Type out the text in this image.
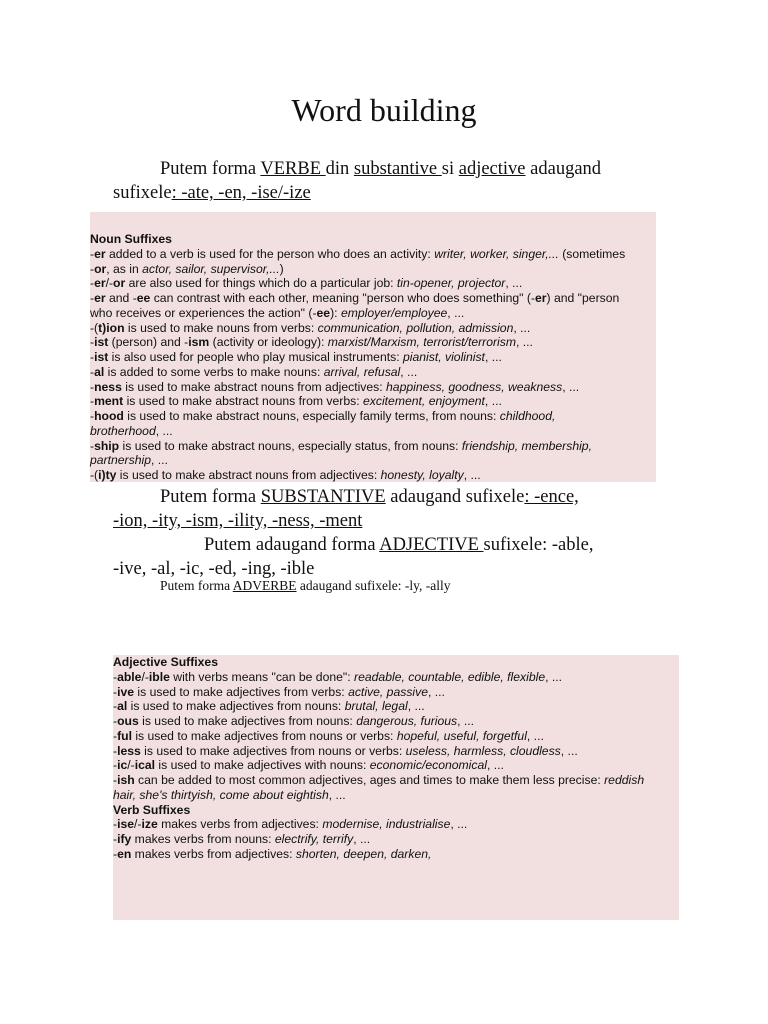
Word building
Putem forma VERBE din substantive si adjective adaugand
sufixele: -ate, -en, -ise/-ize
Noun Suffixes
-er added to a verb is used for the person who does an activity: writer, worker, singer,... (sometimes
-or, as in actor, sailor, supervisor,...)
-er/-or are also used for things which do a particular job: tin-opener, projector, ...
-er and -ee can contrast with each other, meaning "person who does something" (-er) and "person
who receives or experiences the action" (-ee): employer/employee, ...
-(t)ion is used to make nouns from verbs: communication, pollution, admission, ...
-ist (person) and -ism (activity or ideology): marxist/Marxism, terrorist/terrorism, ...
-ist is also used for people who play musical instruments: pianist, violinist, ...
-al is added to some verbs to make nouns: arrival, refusal, ...
-ness is used to make abstract nouns from adjectives: happiness, goodness, weakness, ...
-ment is used to make abstract nouns from verbs: excitement, enjoyment, ...
-hood is used to make abstract nouns, especially family terms, from nouns: childhood,
brotherhood, ...
-ship is used to make abstract nouns, especially status, from nouns: friendship, membership,
partnership, ...
-(i)ty is used to make abstract nouns from adjectives: honesty, loyalty, ...
Putem forma SUBSTANTIVE adaugand sufixele: -ence,
-ion, -ity, -ism, -ility, -ness, -ment
Putem adaugand forma ADJECTIVE sufixele: -able,
-ive, -al, -ic, -ed, -ing, -ible
Putem forma ADVERBE adaugand sufixele: -ly, -ally
Adjective Suffixes
-able/-ible with verbs means "can be done": readable, countable, edible, flexible, ...
-ive is used to make adjectives from verbs: active, passive, ...
-al is used to make adjectives from nouns: brutal, legal, ...
-ous is used to make adjectives from nouns: dangerous, furious, ...
-ful is used to make adjectives from nouns or verbs: hopeful, useful, forgetful, ...
-less is used to make adjectives from nouns or verbs: useless, harmless, cloudless, ...
-ic/-ical is used to make adjectives with nouns: economic/economical, ...
-ish can be added to most common adjectives, ages and times to make them less precise: reddish
hair, she's thirtyish, come about eightish, ...
Verb Suffixes
-ise/-ize makes verbs from adjectives: modernise, industrialise, ...
-ify makes verbs from nouns: electrify, terrify, ...
-en makes verbs from adjectives: shorten, deepen, darken,
